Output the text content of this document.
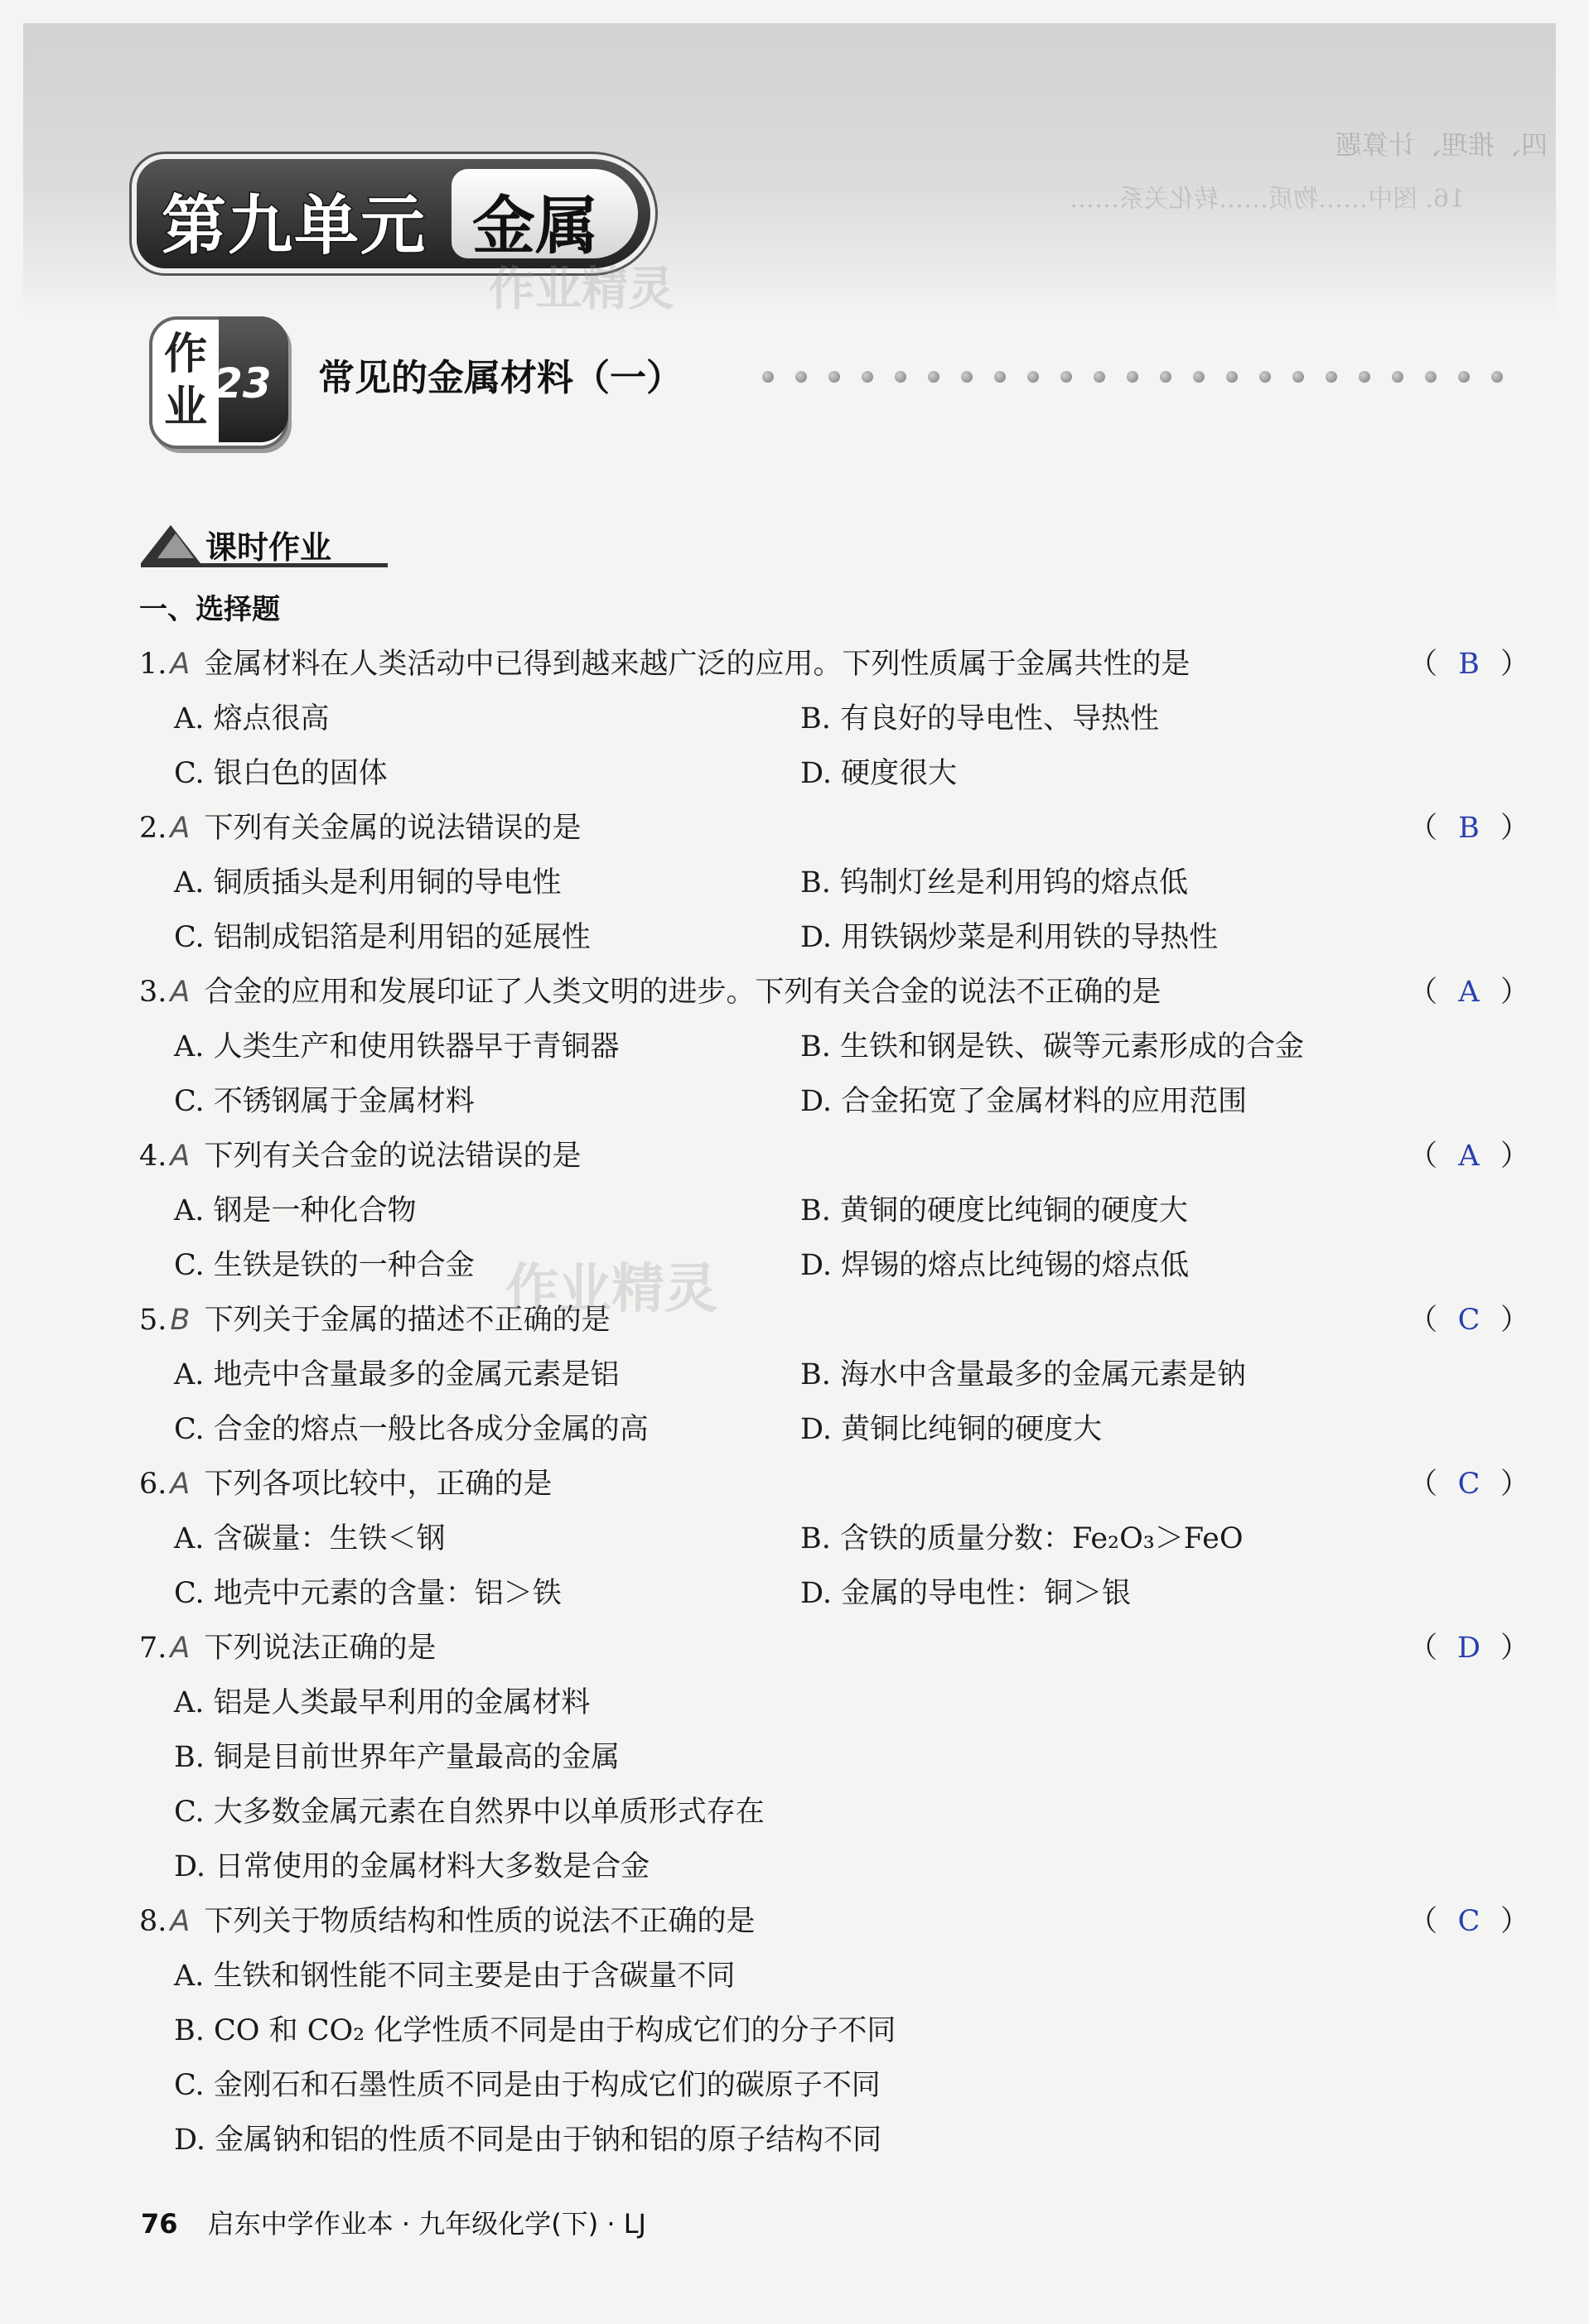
四、推理、计算题
16. 图中……物质……转化关系……
第九单元 金属
作
业 23 常见的金属材料（一）
课时作业
一、选择题
1. A 金属材料在人类活动中已得到越来越广泛的应用。下列性质属于金属共性的是	（ B ）
A. 熔点很高	B. 有良好的导电性、导热性
C. 银白色的固体	D. 硬度很大
2. A 下列有关金属的说法错误的是	（ B ）
A. 铜质插头是利用铜的导电性	B. 钨制灯丝是利用钨的熔点低
C. 铝制成铝箔是利用铝的延展性	D. 用铁锅炒菜是利用铁的导热性
3. A 合金的应用和发展印证了人类文明的进步。下列有关合金的说法不正确的是	（ A ）
A. 人类生产和使用铁器早于青铜器	B. 生铁和钢是铁、碳等元素形成的合金
C. 不锈钢属于金属材料	D. 合金拓宽了金属材料的应用范围
4. A 下列有关合金的说法错误的是	（ A ）
A. 钢是一种化合物	B. 黄铜的硬度比纯铜的硬度大
C. 生铁是铁的一种合金	D. 焊锡的熔点比纯锡的熔点低
5. B 下列关于金属的描述不正确的是	（ C ）
A. 地壳中含量最多的金属元素是铝	B. 海水中含量最多的金属元素是钠
C. 合金的熔点一般比各成分金属的高	D. 黄铜比纯铜的硬度大
6. A 下列各项比较中，正确的是	（ C ）
A. 含碳量：生铁＜钢	B. 含铁的质量分数：Fe₂O₃＞FeO
C. 地壳中元素的含量：铝＞铁	D. 金属的导电性：铜＞银
7. A 下列说法正确的是	（ D ）
A. 铝是人类最早利用的金属材料
B. 铜是目前世界年产量最高的金属
C. 大多数金属元素在自然界中以单质形式存在
D. 日常使用的金属材料大多数是合金
8. A 下列关于物质结构和性质的说法不正确的是	（ C ）
A. 生铁和钢性能不同主要是由于含碳量不同
B. CO 和 CO₂ 化学性质不同是由于构成它们的分子不同
C. 金刚石和石墨性质不同是由于构成它们的碳原子不同
D. 金属钠和铝的性质不同是由于钠和铝的原子结构不同
作业精灵
作业精灵
76 启东中学作业本 · 九年级化学(下) · LJ
